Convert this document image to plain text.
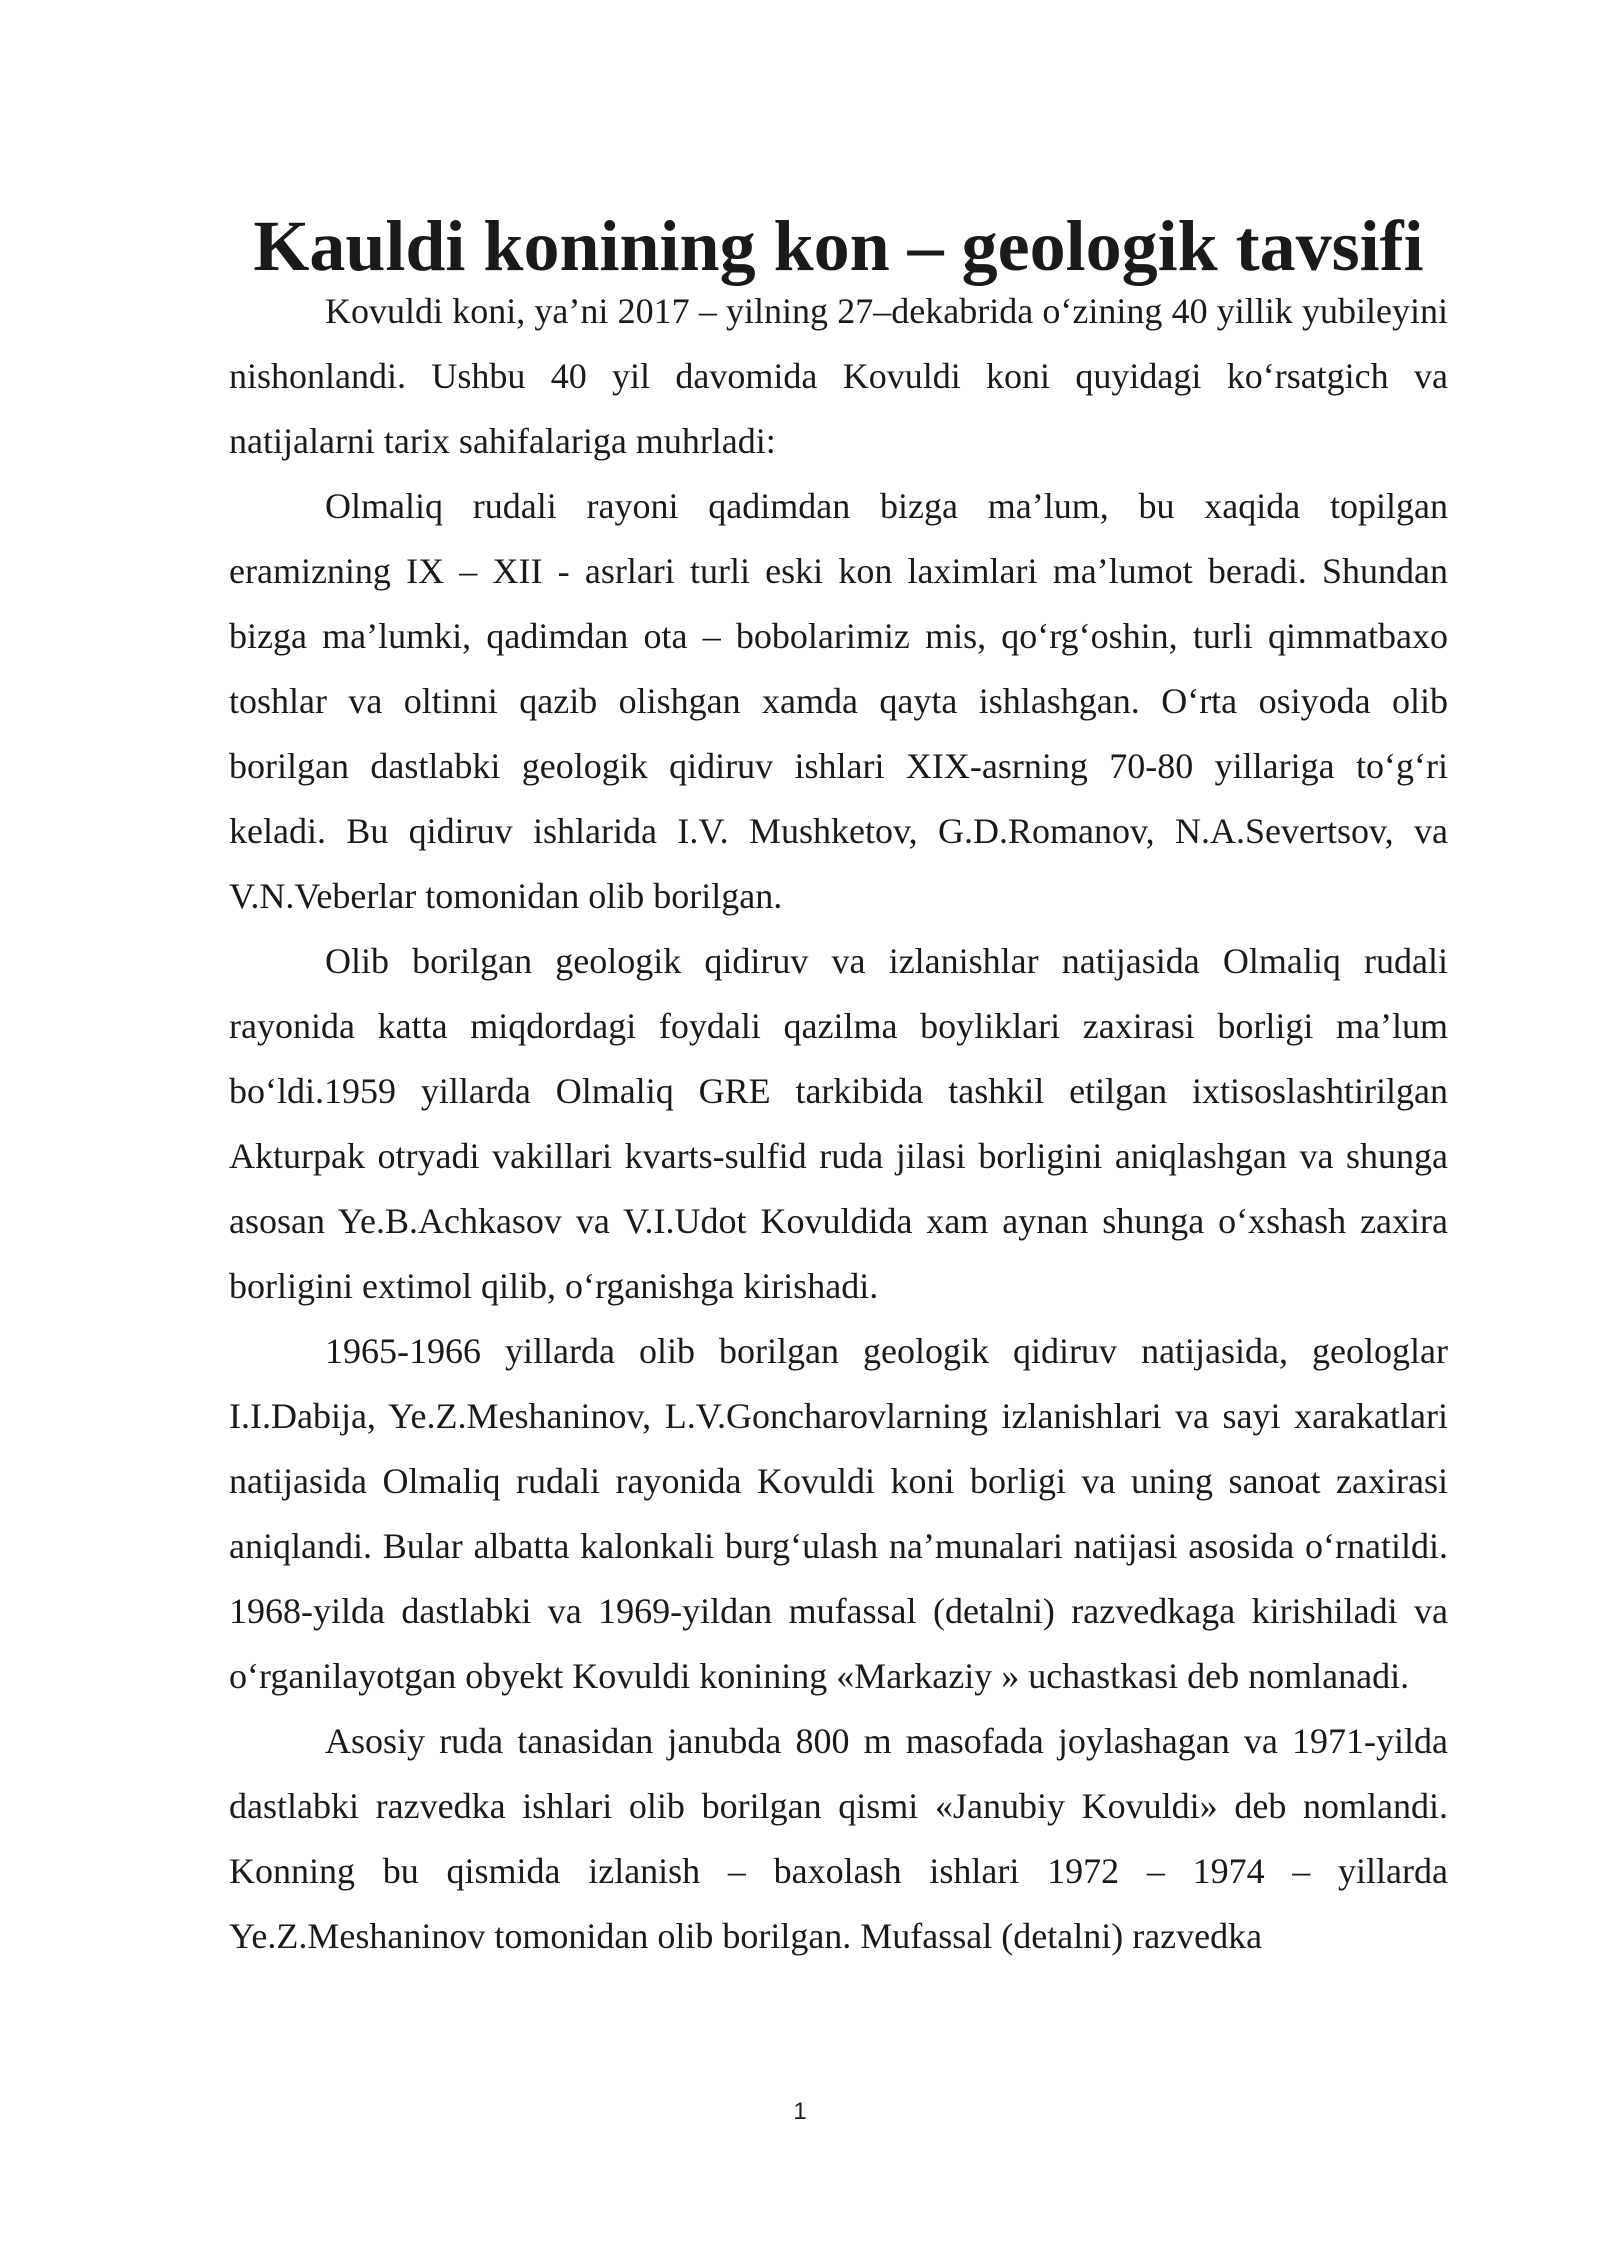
Kauldi konining kon – geologik tavsifi

Kovuldi koni, ya’ni 2017 – yilning 27–dekabrida o‘zining 40 yillik yubileyini nishonlandi. Ushbu 40 yil davomida Kovuldi koni quyidagi ko‘rsatgich va natijalarni tarix sahifalariga muhrladi:

Olmaliq rudali rayoni qadimdan bizga ma’lum, bu xaqida topilgan eramizning IX – XII - asrlari turli eski kon laximlari ma’lumot beradi. Shundan bizga ma’lumki, qadimdan ota – bobolarimiz mis, qo‘rg‘oshin, turli qimmatbaxo toshlar va oltinni qazib olishgan xamda qayta ishlashgan. O‘rta osiyoda olib borilgan dastlabki geologik qidiruv ishlari XIX-asrning 70-80 yillariga to‘g‘ri keladi. Bu qidiruv ishlarida I.V. Mushketov, G.D.Romanov, N.A.Severtsov, va V.N.Veberlar tomonidan olib borilgan.

Olib borilgan geologik qidiruv va izlanishlar natijasida Olmaliq rudali rayonida katta miqdordagi foydali qazilma boyliklari zaxirasi borligi ma’lum bo‘ldi.1959 yillarda Olmaliq GRE tarkibida tashkil etilgan ixtisoslashtirilgan Akturpak otryadi vakillari kvarts-sulfid ruda jilasi borligini aniqlashgan va shunga asosan Ye.B.Achkasov va V.I.Udot Kovuldida xam aynan shunga o‘xshash zaxira borligini extimol qilib, o‘rganishga kirishadi.

1965-1966 yillarda olib borilgan geologik qidiruv natijasida, geologlar I.I.Dabija, Ye.Z.Meshaninov, L.V.Goncharovlarning izlanishlari va sayi xarakatlari natijasida Olmaliq rudali rayonida Kovuldi koni borligi va uning sanoat zaxirasi aniqlandi. Bular albatta kalonkali burg‘ulash na’munalari natijasi asosida o‘rnatildi. 1968-yilda dastlabki va 1969-yildan mufassal (detalni) razvedkaga kirishiladi va o‘rganilayotgan obyekt Kovuldi konining «Markaziy » uchastkasi deb nomlanadi.

Asosiy ruda tanasidan janubda 800 m masofada joylashagan va 1971-yilda dastlabki razvedka ishlari olib borilgan qismi «Janubiy Kovuldi» deb nomlandi. Konning bu qismida izlanish – baxolash ishlari 1972 – 1974 – yillarda Ye.Z.Meshaninov tomonidan olib borilgan. Mufassal (detalni) razvedka

1
